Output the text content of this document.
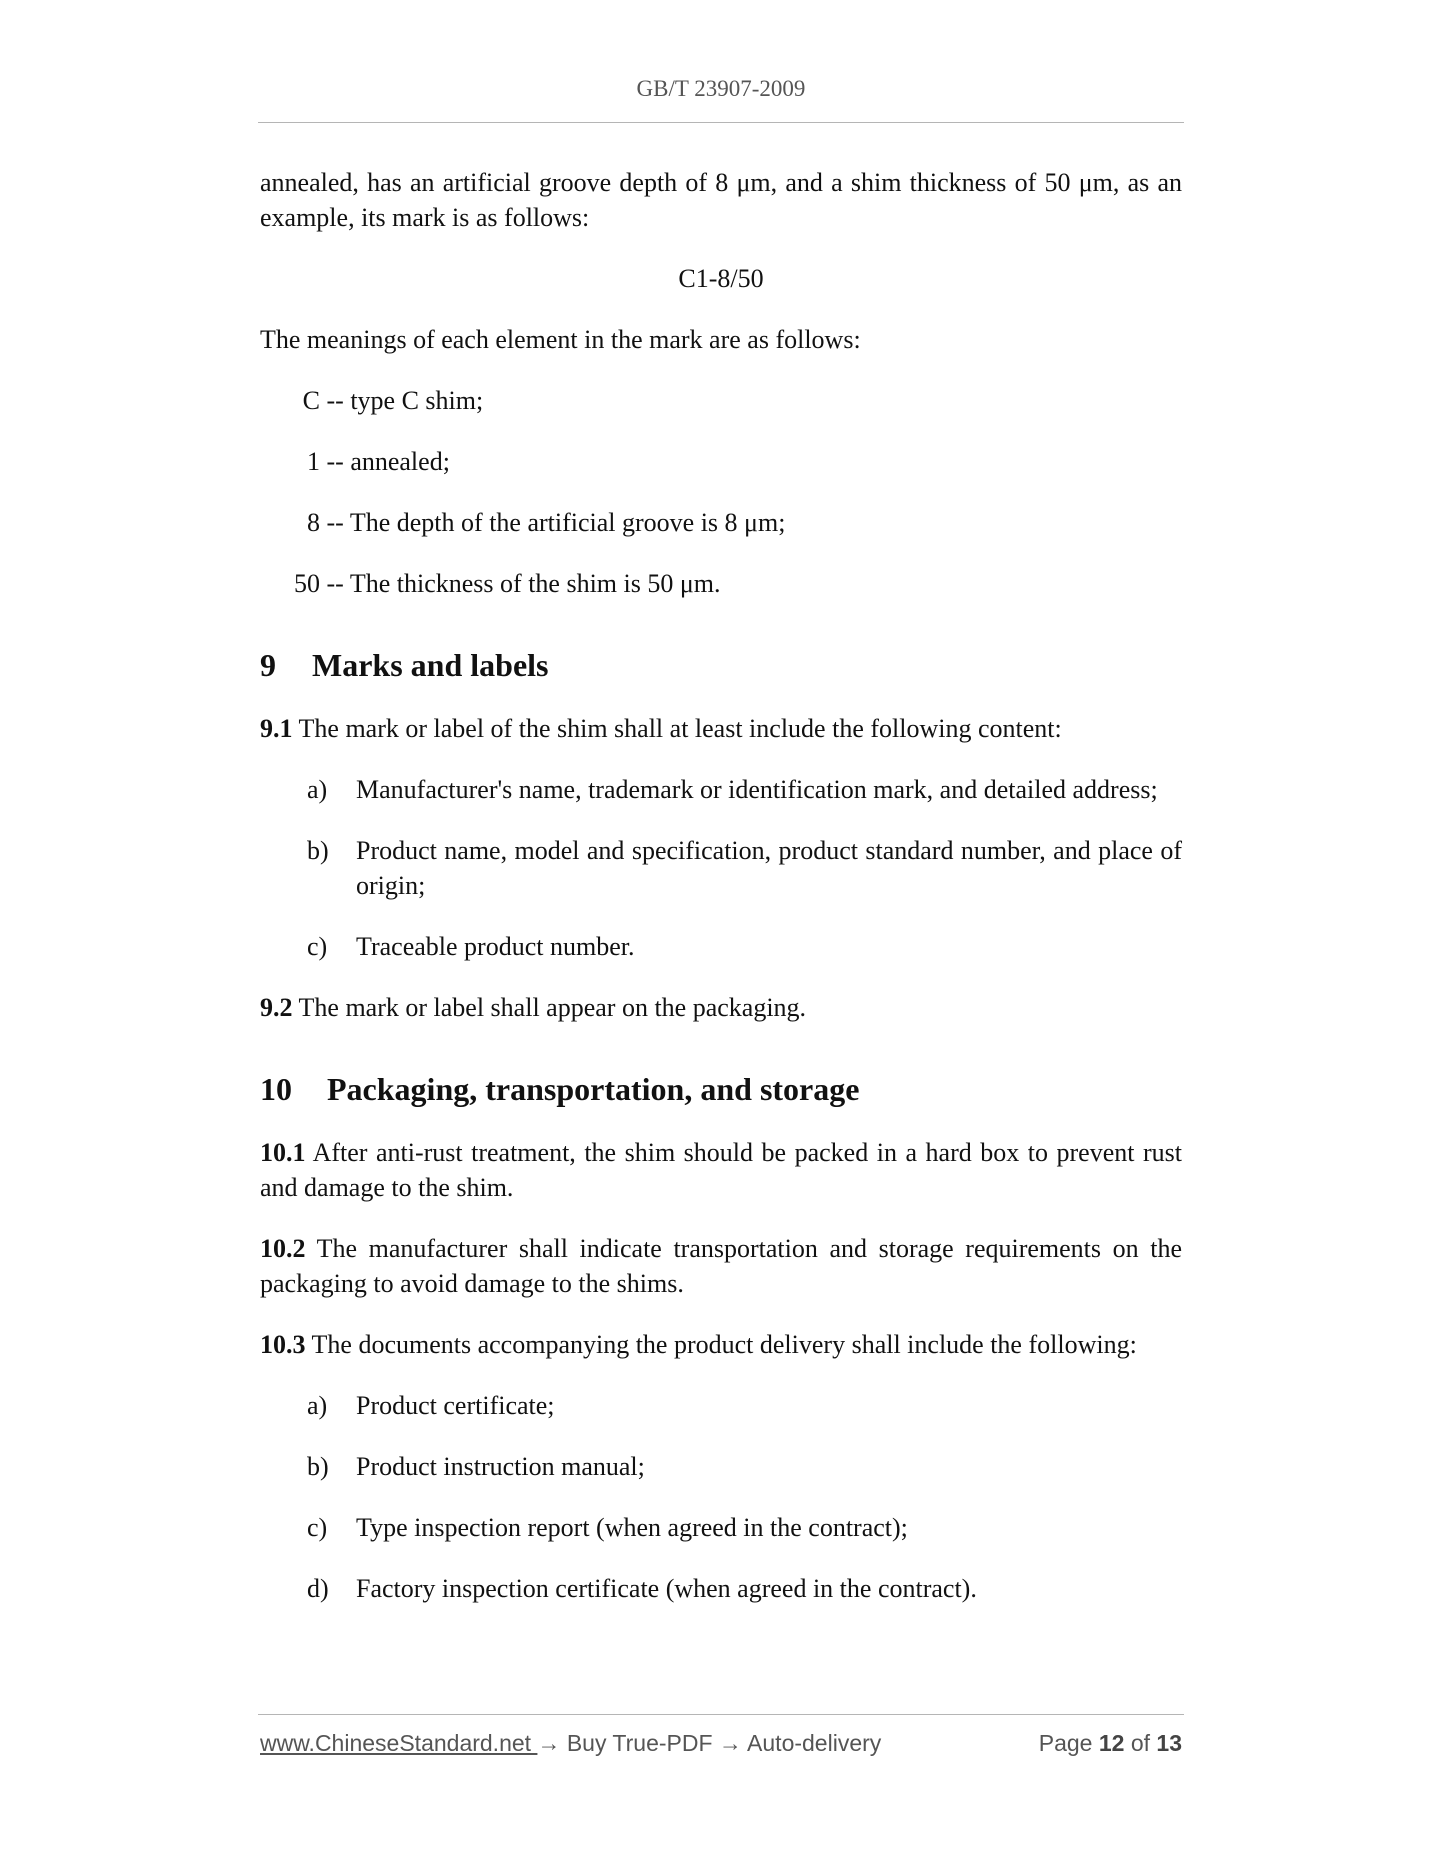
GB/T 23907-2009

annealed, has an artificial groove depth of 8 μm, and a shim thickness of 50 μm, as an example, its mark is as follows:

C1-8/50

The meanings of each element in the mark are as follows:

C -- type C shim;

1 -- annealed;

8 -- The depth of the artificial groove is 8 μm;

50 -- The thickness of the shim is 50 μm.

9 Marks and labels

9.1 The mark or label of the shim shall at least include the following content:

a)	Manufacturer's name, trademark or identification mark, and detailed address;
b)	Product name, model and specification, product standard number, and place of origin;
c)	Traceable product number.

9.2 The mark or label shall appear on the packaging.

10 Packaging, transportation, and storage

10.1 After anti-rust treatment, the shim should be packed in a hard box to prevent rust and damage to the shim.

10.2 The manufacturer shall indicate transportation and storage requirements on the packaging to avoid damage to the shims.

10.3 The documents accompanying the product delivery shall include the following:

a)	Product certificate;
b)	Product instruction manual;
c)	Type inspection report (when agreed in the contract);
d)	Factory inspection certificate (when agreed in the contract).
www.ChineseStandard.net → Buy True-PDF → Auto-delivery	Page 12 of 13
